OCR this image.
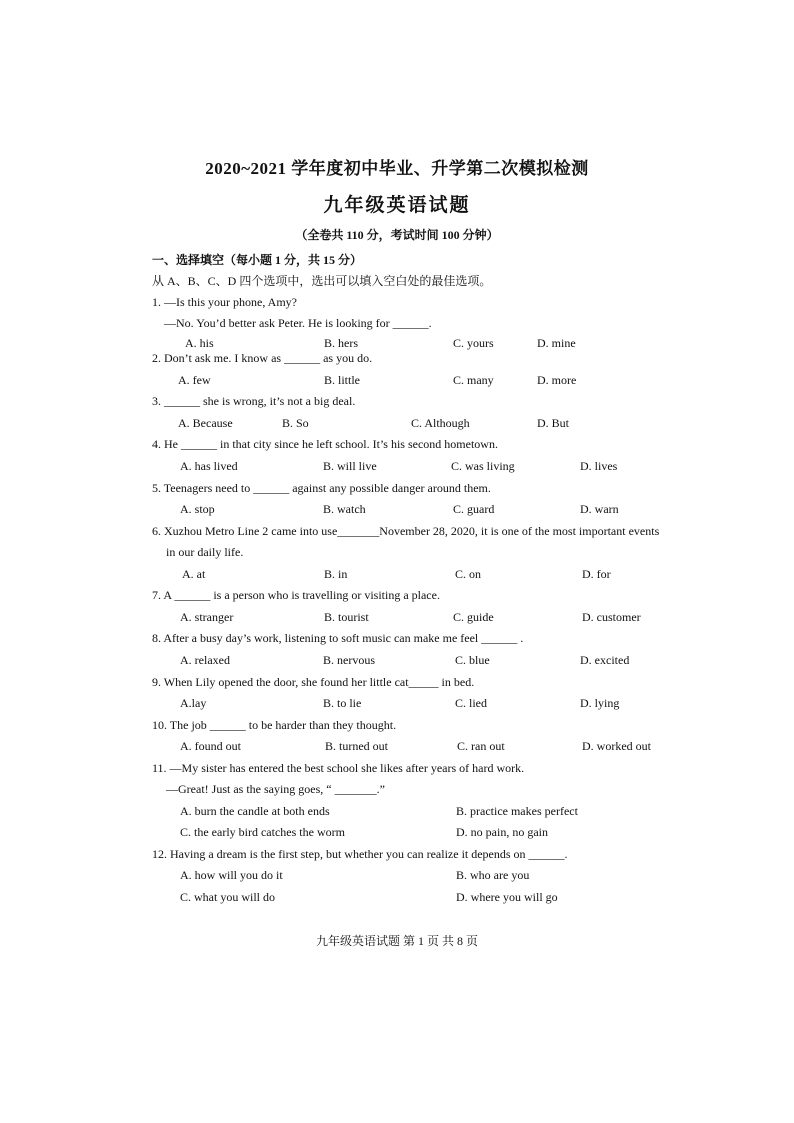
2020~2021 学年度初中毕业、升学第二次模拟检测
九年级英语试题
（全卷共 110 分，考试时间 100 分钟）
一、选择填空（每小题 1 分，共 15 分）
从 A、B、C、D 四个选项中，选出可以填入空白处的最佳选项。
1. —Is this your phone, Amy?
—No. You’d better ask Peter. He is looking for ______.
A. his	B. hers	C. yours	D. mine
2. Don’t ask me. I know as ______ as you do.
A. few	B. little	C. many	D. more
3. ______ she is wrong, it’s not a big deal.
A. Because	B. So	C. Although	D. But
4. He ______ in that city since he left school. It’s his second hometown.
A. has lived	B. will live	C. was living	D. lives
5. Teenagers need to ______ against any possible danger around them.
A. stop	B. watch	C. guard	D. warn
6. Xuzhou Metro Line 2 came into use_______November 28, 2020, it is one of the most important events
in our daily life.
A. at	B. in	C. on	D. for
7. A ______ is a person who is travelling or visiting a place.
A. stranger	B. tourist	C. guide	D. customer
8. After a busy day’s work, listening to soft music can make me feel ______ .
A. relaxed	B. nervous	C. blue	D. excited
9. When Lily opened the door, she found her little cat_____ in bed.
A.lay	B. to lie	C. lied	D. lying
10. The job ______ to be harder than they thought.
A. found out	B. turned out	C. ran out	D. worked out
11. —My sister has entered the best school she likes after years of hard work.
—Great! Just as the saying goes, “ _______.”
A. burn the candle at both ends	B. practice makes perfect
C. the early bird catches the worm	D. no pain, no gain
12. Having a dream is the first step, but whether you can realize it depends on ______.
A. how will you do it	B. who are you
C. what you will do	D. where you will go
九年级英语试题 第 1 页 共 8 页
